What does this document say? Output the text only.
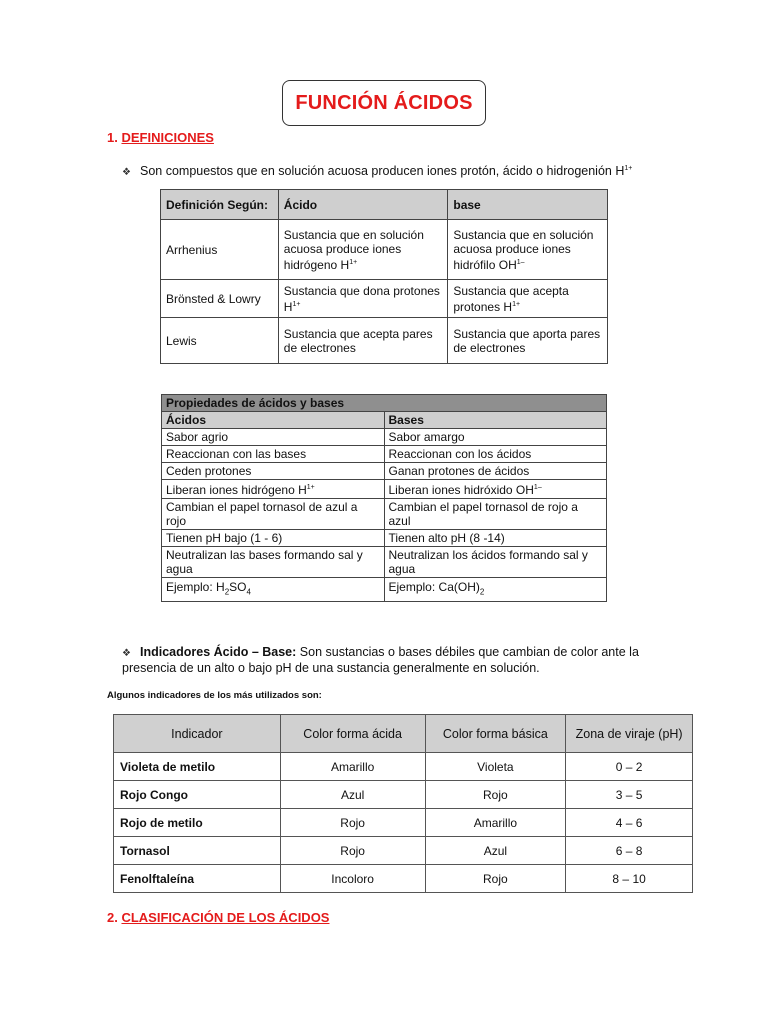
FUNCIÓN ÁCIDOS
1. DEFINICIONES
❖ Son compuestos que en solución acuosa producen iones protón, ácido o hidrogenión $H^{1+}$
Definición Según:	Ácido	base
Arrhenius	Sustancia que en solución acuosa produce iones hidrógeno $H^{1+}$	Sustancia que en solución acuosa produce iones hidrófilo $OH^{1-}$
Brönsted & Lowry	Sustancia que dona protones $H^{1+}$	Sustancia que acepta protones $H^{1+}$
Lewis	Sustancia que acepta pares de electrones	Sustancia que aporta pares de electrones
Propiedades de ácidos y bases	
Ácidos	Bases
Sabor agrio	Sabor amargo
Reaccionan con las bases	Reaccionan con los ácidos
Ceden protones	Ganan protones de ácidos
Liberan iones hidrógeno $H^{1+}$	Liberan iones hidróxido $OH^{1-}$
Cambian el papel tornasol de azul a rojo	Cambian el papel tornasol de rojo a azul
Tienen pH bajo (1 - 6)	Tienen alto pH (8 -14)
Neutralizan las bases formando sal y agua	Neutralizan los ácidos formando sal y agua
Ejemplo: $H_2SO_4$	Ejemplo: $Ca(OH)_2$
❖ Indicadores Ácido – Base: Son sustancias o bases débiles que cambian de color ante la presencia de un alto o bajo pH de una sustancia generalmente en solución.
Algunos indicadores de los más utilizados son:
Indicador	Color forma ácida	Color forma básica	Zona de viraje (pH)
Violeta de metilo	Amarillo	Violeta	0 – 2
Rojo Congo	Azul	Rojo	3 – 5
Rojo de metilo	Rojo	Amarillo	4 – 6
Tornasol	Rojo	Azul	6 – 8
Fenolftaleína	Incoloro	Rojo	8 – 10
2. CLASIFICACIÓN DE LOS ÁCIDOS
